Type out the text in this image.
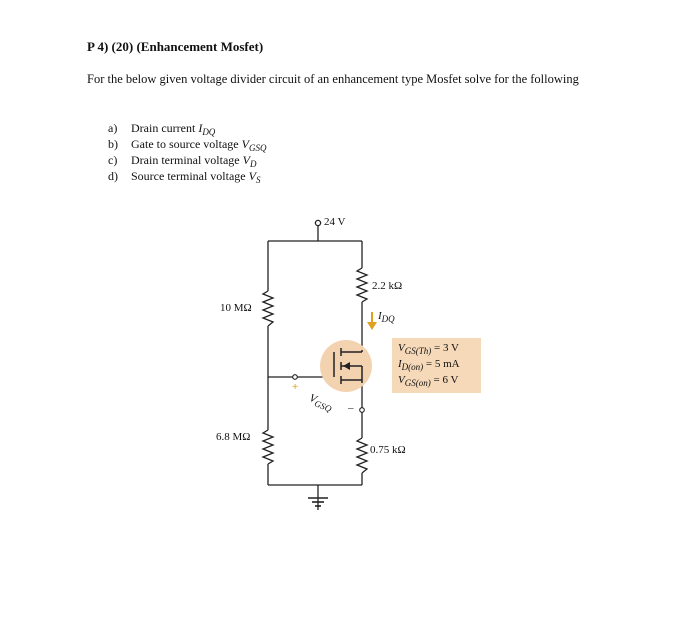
P 4) (20) (Enhancement Mosfet)
For the below given voltage divider circuit of an enhancement type Mosfet solve for the following
a) Drain current $I_{DQ}$
b) Gate to source voltage $V_{GSQ}$
c) Drain terminal voltage $V_D$
d) Source terminal voltage $V_S$
24 V
10 MΩ
6.8 MΩ
2.2 kΩ
0.75 kΩ
$I_{DQ}$
+
$V_{GSQ}$ –
$V_{GS(Th)} = 3$ V
$I_{D(on)} = 5$ mA
$V_{GS(on)} = 6$ V
